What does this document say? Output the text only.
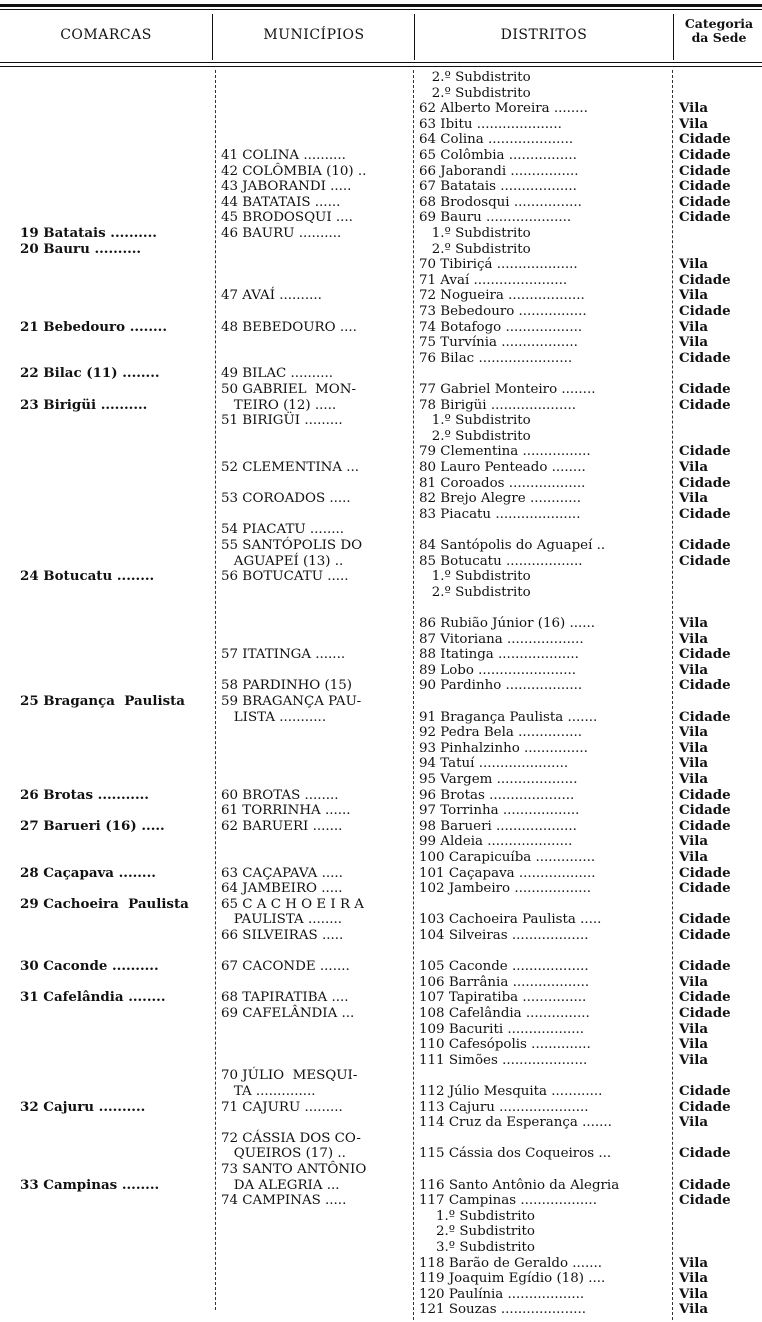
COMARCAS	MUNICÍPIOS	DISTRITOS
Categoria
da Sede
19 Batatais ..........
20 Bauru ..........
21 Bebedouro ........
22 Bilac (11) ........
23 Birigüi ..........
24 Botucatu ........
25 Bragança  Paulista
26 Brotas ...........
27 Barueri (16) .....
28 Caçapava ........
29 Cachoeira  Paulista
30 Caconde ..........
31 Cafelândia ........
32 Cajuru ..........
33 Campinas ........
41 COLINA ..........
42 COLÔMBIA (10) ..
43 JABORANDI .....
44 BATATAIS ......
45 BRODOSQUI ....
46 BAURU ..........
47 AVAÍ ..........
48 BEBEDOURO ....
49 BILAC ..........
50 GABRIEL  MON-
TEIRO (12) .....
51 BIRIGÜI .........
52 CLEMENTINA ...
53 COROADOS .....
54 PIACATU ........
55 SANTÓPOLIS DO
AGUAPEÍ (13) ..
56 BOTUCATU .....
57 ITATINGA .......
58 PARDINHO (15)
59 BRAGANÇA PAU-
LISTA ...........
60 BROTAS ........
61 TORRINHA ......
62 BARUERI .......
63 CAÇAPAVA .....
64 JAMBEIRO .....
65 C A C H O E I R A
PAULISTA ........
66 SILVEIRAS .....
67 CACONDE .......
68 TAPIRATIBA ....
69 CAFELÂNDIA ...
70 JÚLIO  MESQUI-
TA ..............
71 CAJURU .........
72 CÁSSIA DOS CO-
QUEIROS (17) ..
73 SANTO ANTÔNIO
DA ALEGRIA ...
74 CAMPINAS .....
2.º Subdistrito
2.º Subdistrito
62 Alberto Moreira ........
63 Ibitu ....................
64 Colina ....................
65 Colômbia ................
66 Jaborandi ................
67 Batatais ..................
68 Brodosqui ................
69 Bauru ....................
1.º Subdistrito
2.º Subdistrito
70 Tibiriçá ...................
71 Avaí ......................
72 Nogueira ..................
73 Bebedouro ................
74 Botafogo ..................
75 Turvínia ..................
76 Bilac ......................
77 Gabriel Monteiro ........
78 Birigüi ....................
1.º Subdistrito
2.º Subdistrito
79 Clementina ................
80 Lauro Penteado ........
81 Coroados ..................
82 Brejo Alegre ............
83 Piacatu ....................
84 Santópolis do Aguapeí ..
85 Botucatu ..................
1.º Subdistrito
2.º Subdistrito
86 Rubião Júnior (16) ......
87 Vitoriana ..................
88 Itatinga ...................
89 Lobo .......................
90 Pardinho ..................
91 Bragança Paulista .......
92 Pedra Bela ...............
93 Pinhalzinho ...............
94 Tatuí .....................
95 Vargem ...................
96 Brotas ....................
97 Torrinha ..................
98 Barueri ...................
99 Aldeia ....................
100 Carapicuíba ..............
101 Caçapava ..................
102 Jambeiro ..................
103 Cachoeira Paulista .....
104 Silveiras ..................
105 Caconde ..................
106 Barrânia ..................
107 Tapiratiba ...............
108 Cafelândia ...............
109 Bacuriti ..................
110 Cafesópolis ..............
111 Simões ....................
112 Júlio Mesquita ............
113 Cajuru .....................
114 Cruz da Esperança .......
115 Cássia dos Coqueiros ...
116 Santo Antônio da Alegria
117 Campinas ..................
1.º Subdistrito
2.º Subdistrito
3.º Subdistrito
118 Barão de Geraldo .......
119 Joaquim Egídio (18) ....
120 Paulínia ..................
121 Souzas ....................
Vila
Vila
Cidade
Cidade
Cidade
Cidade
Cidade
Cidade
Vila
Cidade
Vila
Cidade
Vila
Vila
Cidade
Cidade
Cidade
Cidade
Vila
Cidade
Vila
Cidade
Cidade
Cidade
Vila
Vila
Cidade
Vila
Cidade
Cidade
Vila
Vila
Vila
Vila
Cidade
Cidade
Cidade
Vila
Vila
Cidade
Cidade
Cidade
Cidade
Cidade
Vila
Cidade
Cidade
Vila
Vila
Vila
Cidade
Cidade
Vila
Cidade
Cidade
Cidade
Vila
Vila
Vila
Vila
